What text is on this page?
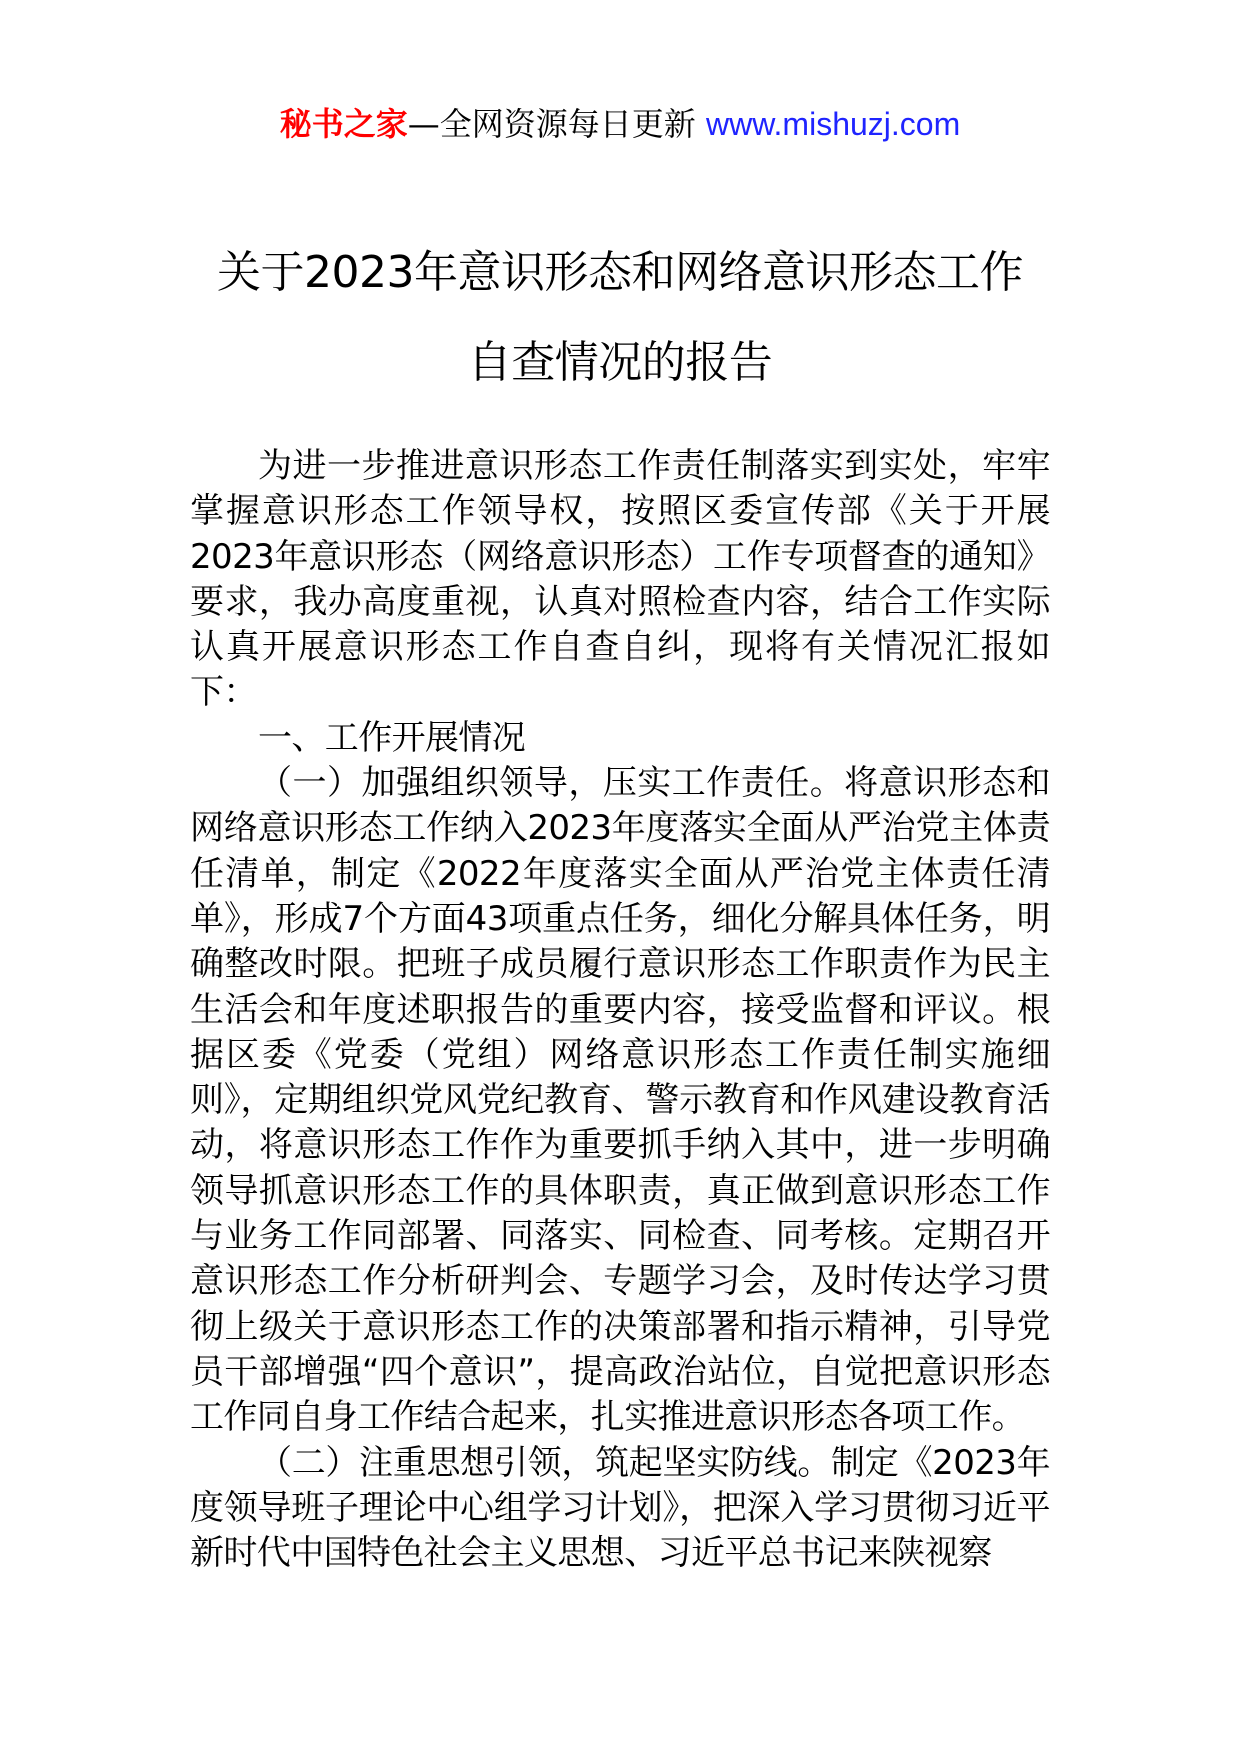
秘书之家—全网资源每日更新 www.mishuzj.com
关于2023年意识形态和网络意识形态工作
自查情况的报告

为进一步推进意识形态工作责任制落实到实处，牢牢掌握意识形态工作领导权，按照区委宣传部《关于开展2023年意识形态（网络意识形态）工作专项督查的通知》要求，我办高度重视，认真对照检查内容，结合工作实际认真开展意识形态工作自查自纠，现将有关情况汇报如下：

一、工作开展情况

（一）加强组织领导，压实工作责任。将意识形态和网络意识形态工作纳入2023年度落实全面从严治党主体责任清单，制定《2022年度落实全面从严治党主体责任清单》，形成7个方面43项重点任务，细化分解具体任务，明确整改时限。把班子成员履行意识形态工作职责作为民主生活会和年度述职报告的重要内容，接受监督和评议。根据区委《党委（党组）网络意识形态工作责任制实施细则》，定期组织党风党纪教育、警示教育和作风建设教育活动，将意识形态工作作为重要抓手纳入其中，进一步明确领导抓意识形态工作的具体职责，真正做到意识形态工作与业务工作同部署、同落实、同检查、同考核。定期召开意识形态工作分析研判会、专题学习会，及时传达学习贯彻上级关于意识形态工作的决策部署和指示精神，引导党员干部增强“四个意识”，提高政治站位，自觉把意识形态工作同自身工作结合起来，扎实推进意识形态各项工作。

（二）注重思想引领，筑起坚实防线。制定《2023年度领导班子理论中心组学习计划》，把深入学习贯彻习近平新时代中国特色社会主义思想、习近平总书记来陕视察
